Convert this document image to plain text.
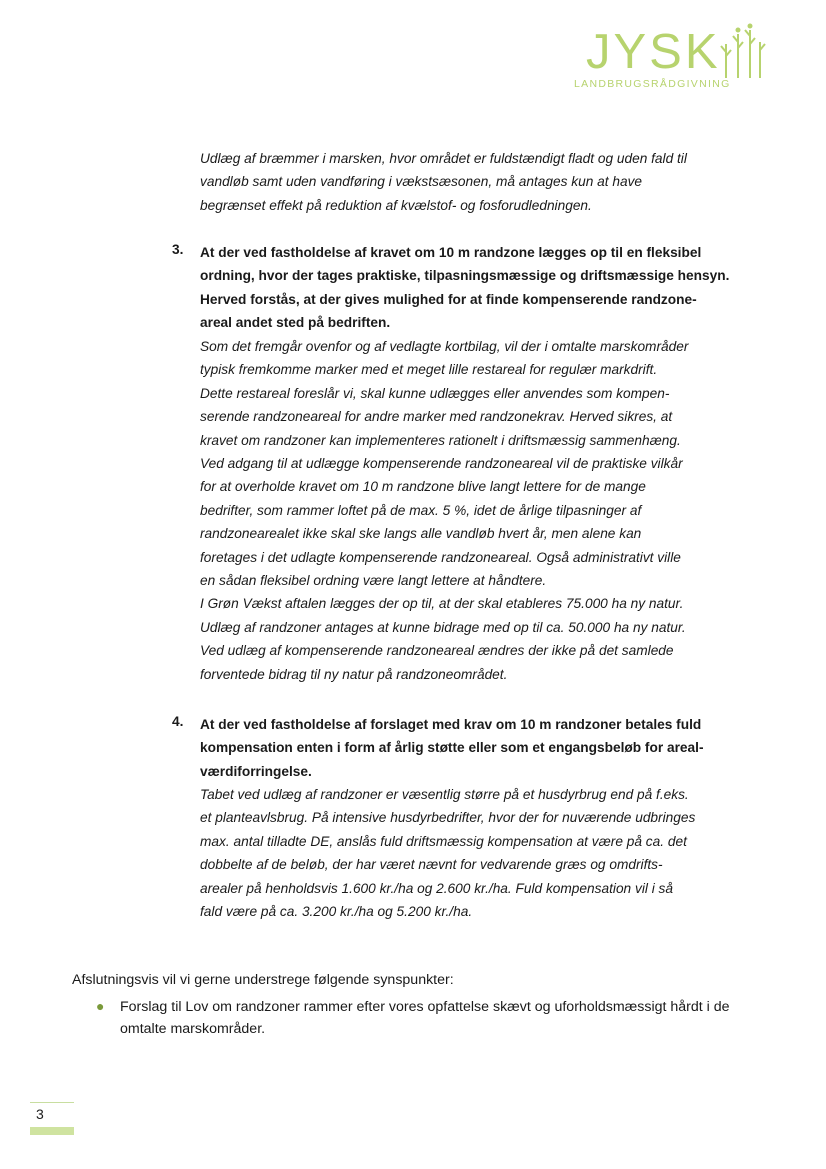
JYSK
LANDBRUGSRÅDGIVNING

Udlæg af bræmmer i marsken, hvor området er fuldstændigt fladt og uden fald til

vandløb samt uden vandføring i vækstsæsonen, må antages kun at have

begrænset effekt på reduktion af kvælstof- og fosforudledningen.

3. At der ved fastholdelse af kravet om 10 m randzone lægges op til en fleksibel

ordning, hvor der tages praktiske, tilpasningsmæssige og driftsmæssige hensyn.

Herved forstås, at der gives mulighed for at finde kompenserende randzone-

areal andet sted på bedriften.

Som det fremgår ovenfor og af vedlagte kortbilag, vil der i omtalte marskområder

typisk fremkomme marker med et meget lille restareal for regulær markdrift.

Dette restareal foreslår vi, skal kunne udlægges eller anvendes som kompen-

serende randzoneareal for andre marker med randzonekrav. Herved sikres, at

kravet om randzoner kan implementeres rationelt i driftsmæssig sammenhæng.

Ved adgang til at udlægge kompenserende randzoneareal vil de praktiske vilkår

for at overholde kravet om 10 m randzone blive langt lettere for de mange

bedrifter, som rammer loftet på de max. 5 %, idet de årlige tilpasninger af

randzonearealet ikke skal ske langs alle vandløb hvert år, men alene kan

foretages i det udlagte kompenserende randzoneareal. Også administrativt ville

en sådan fleksibel ordning være langt lettere at håndtere.

I Grøn Vækst aftalen lægges der op til, at der skal etableres 75.000 ha ny natur.

Udlæg af randzoner antages at kunne bidrage med op til ca. 50.000 ha ny natur.

Ved udlæg af kompenserende randzoneareal ændres der ikke på det samlede

forventede bidrag til ny natur på randzoneområdet.

4. At der ved fastholdelse af forslaget med krav om 10 m randzoner betales fuld

kompensation enten i form af årlig støtte eller som et engangsbeløb for areal-

værdiforringelse.

Tabet ved udlæg af randzoner er væsentlig større på et husdyrbrug end på f.eks.

et planteavlsbrug. På intensive husdyrbedrifter, hvor der for nuværende udbringes

max. antal tilladte DE, anslås fuld driftsmæssig kompensation at være på ca. det

dobbelte af de beløb, der har været nævnt for vedvarende græs og omdrifts-

arealer på henholdsvis 1.600 kr./ha og 2.600 kr./ha. Fuld kompensation vil i så

fald være på ca. 3.200 kr./ha og 5.200 kr./ha.

Afslutningsvis vil vi gerne understrege følgende synspunkter:
● Forslag til Lov om randzoner rammer efter vores opfattelse skævt og uforholdsmæssigt hårdt i de omtalte marskområder.
3
